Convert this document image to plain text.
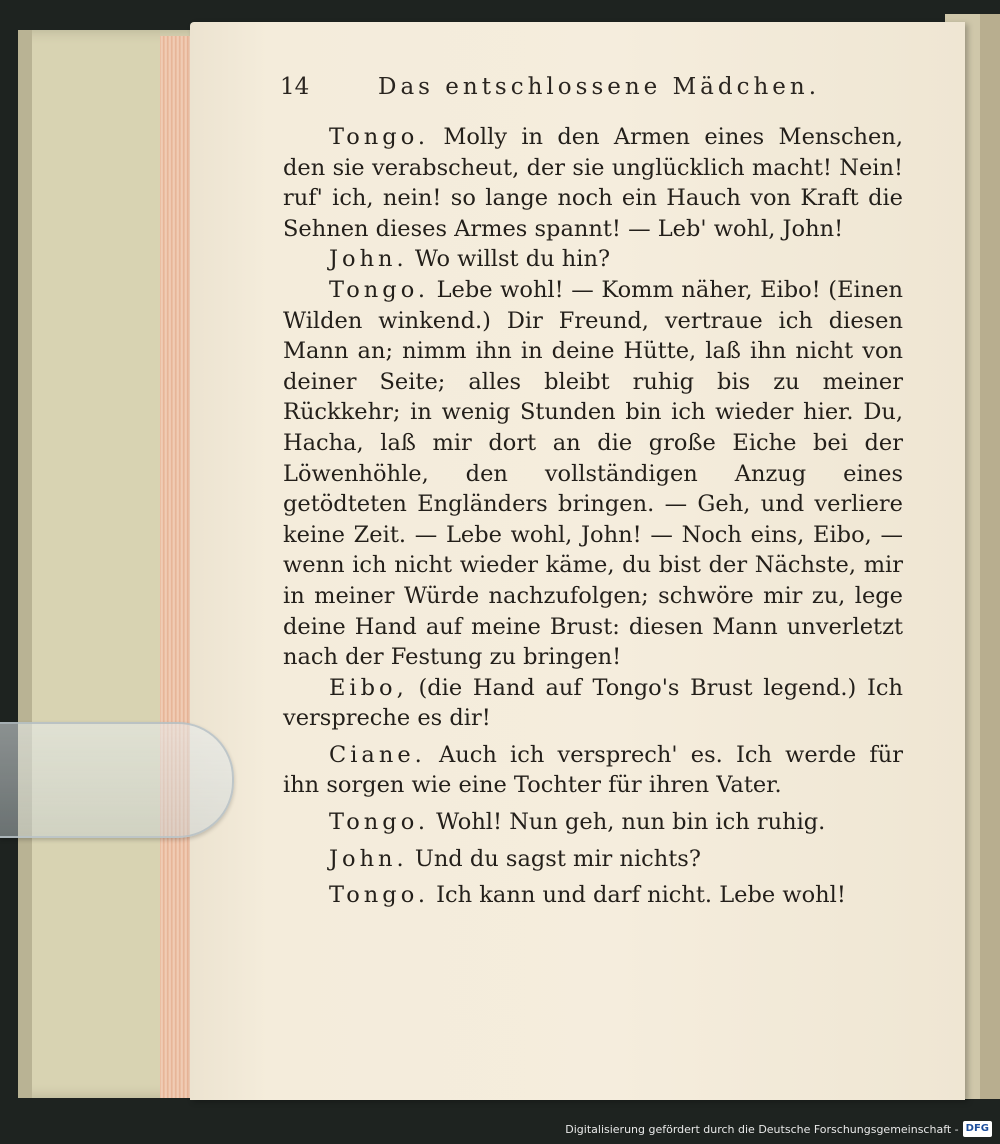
14	Das entschlossene Mädchen.

Tongo. Molly in den Armen eines Menschen, den sie verabscheut, der sie unglücklich macht! Nein! ruf' ich, nein! so lange noch ein Hauch von Kraft die Sehnen dieses Armes spannt! — Leb' wohl, John!

John. Wo willst du hin?

Tongo. Lebe wohl! — Komm näher, Eibo! (Einen Wilden winkend.) Dir Freund, vertraue ich diesen Mann an; nimm ihn in deine Hütte, laß ihn nicht von deiner Seite; alles bleibt ruhig bis zu meiner Rückkehr; in wenig Stunden bin ich wieder hier. Du, Hacha, laß mir dort an die große Eiche bei der Löwenhöhle, den vollständigen Anzug eines getödteten Engländers bringen. — Geh, und verliere keine Zeit. — Lebe wohl, John! — Noch eins, Eibo, — wenn ich nicht wieder käme, du bist der Nächste, mir in meiner Würde nachzufolgen; schwöre mir zu, lege deine Hand auf meine Brust: diesen Mann unverletzt nach der Festung zu bringen!

Eibo, (die Hand auf Tongo's Brust legend.) Ich verspreche es dir!

Ciane. Auch ich versprech' es. Ich werde für ihn sorgen wie eine Tochter für ihren Vater.

Tongo. Wohl! Nun geh, nun bin ich ruhig.

John. Und du sagst mir nichts?

Tongo. Ich kann und darf nicht. Lebe wohl!

Digitalisierung gefördert durch die Deutsche Forschungsgemeinschaft - DFG
